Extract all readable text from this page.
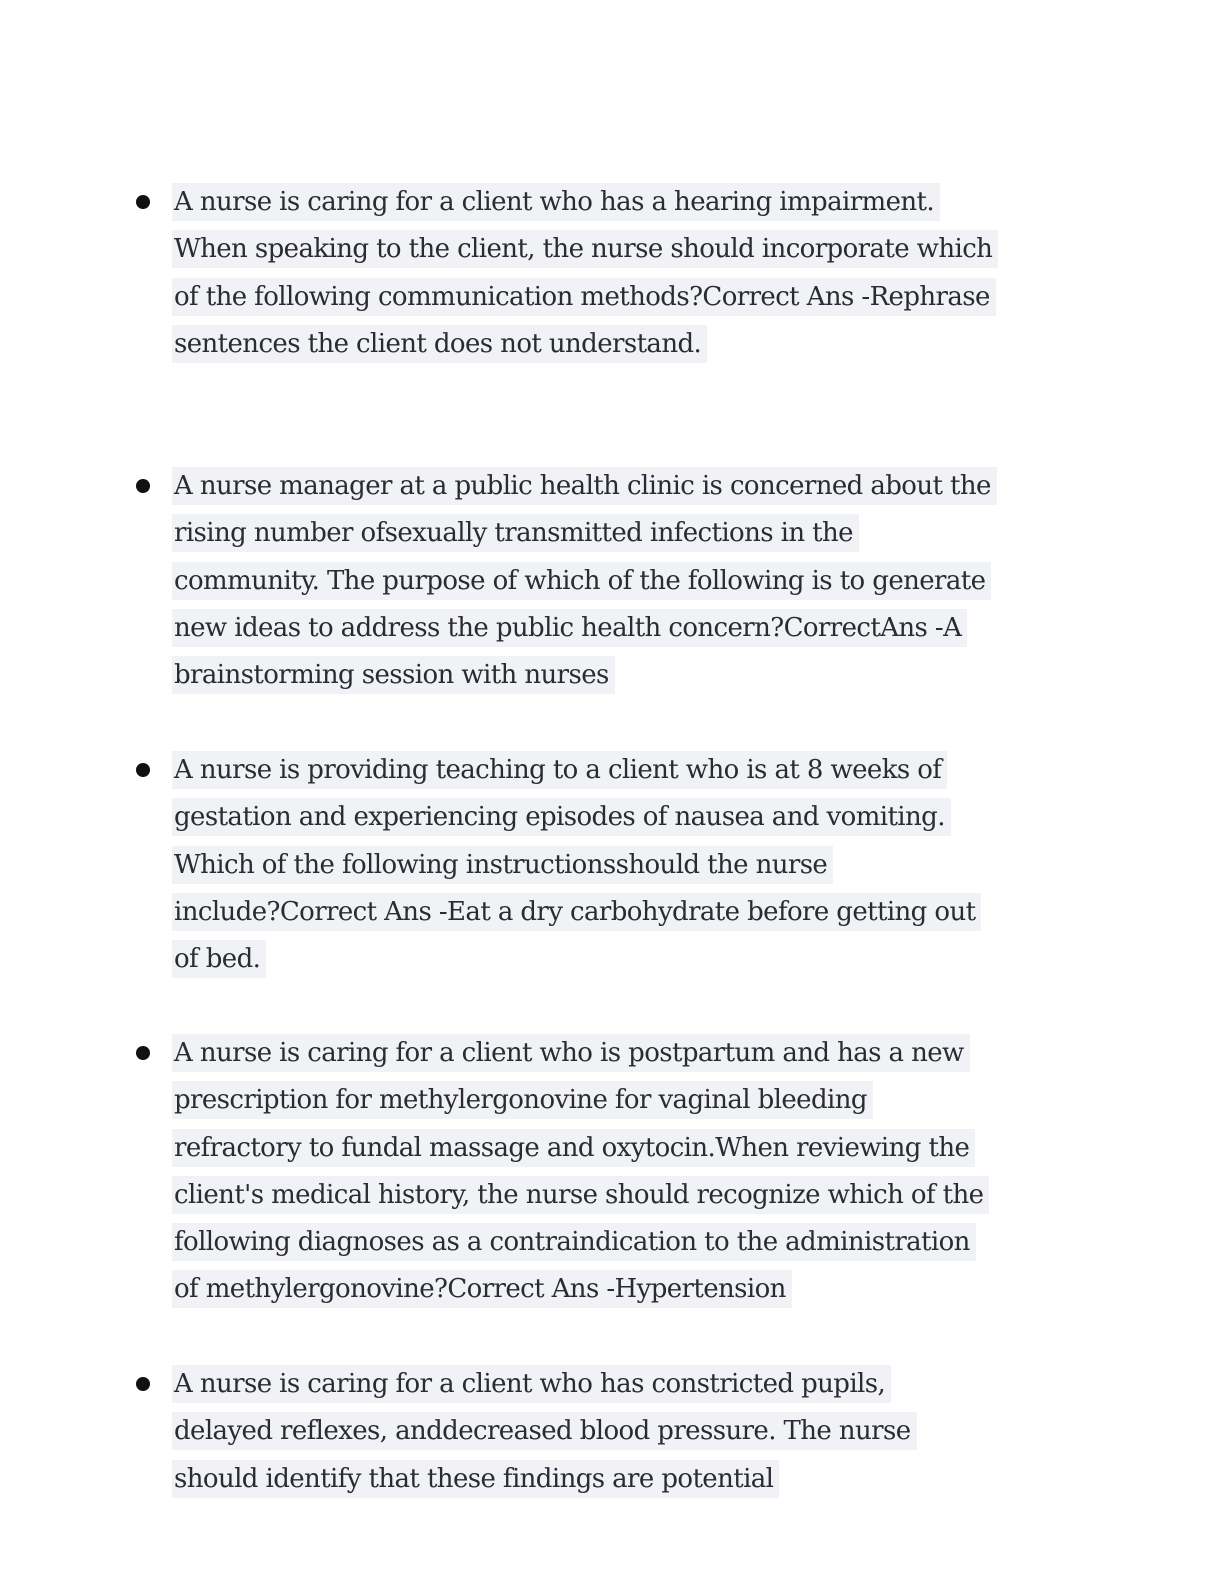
A nurse is caring for a client who has a hearing impairment.
When speaking to the client, the nurse should incorporate which
of the following communication methods?Correct Ans -Rephrase
sentences the client does not understand.
A nurse manager at a public health clinic is concerned about the
rising number ofsexually transmitted infections in the
community. The purpose of which of the following is to generate
new ideas to address the public health concern?CorrectAns -A
brainstorming session with nurses
A nurse is providing teaching to a client who is at 8 weeks of
gestation and experiencing episodes of nausea and vomiting.
Which of the following instructionsshould the nurse
include?Correct Ans -Eat a dry carbohydrate before getting out
of bed.
A nurse is caring for a client who is postpartum and has a new
prescription for methylergonovine for vaginal bleeding
refractory to fundal massage and oxytocin.When reviewing the
client's medical history, the nurse should recognize which of the
following diagnoses as a contraindication to the administration
of methylergonovine?Correct Ans -Hypertension
A nurse is caring for a client who has constricted pupils,
delayed reflexes, anddecreased blood pressure. The nurse
should identify that these findings are potential
